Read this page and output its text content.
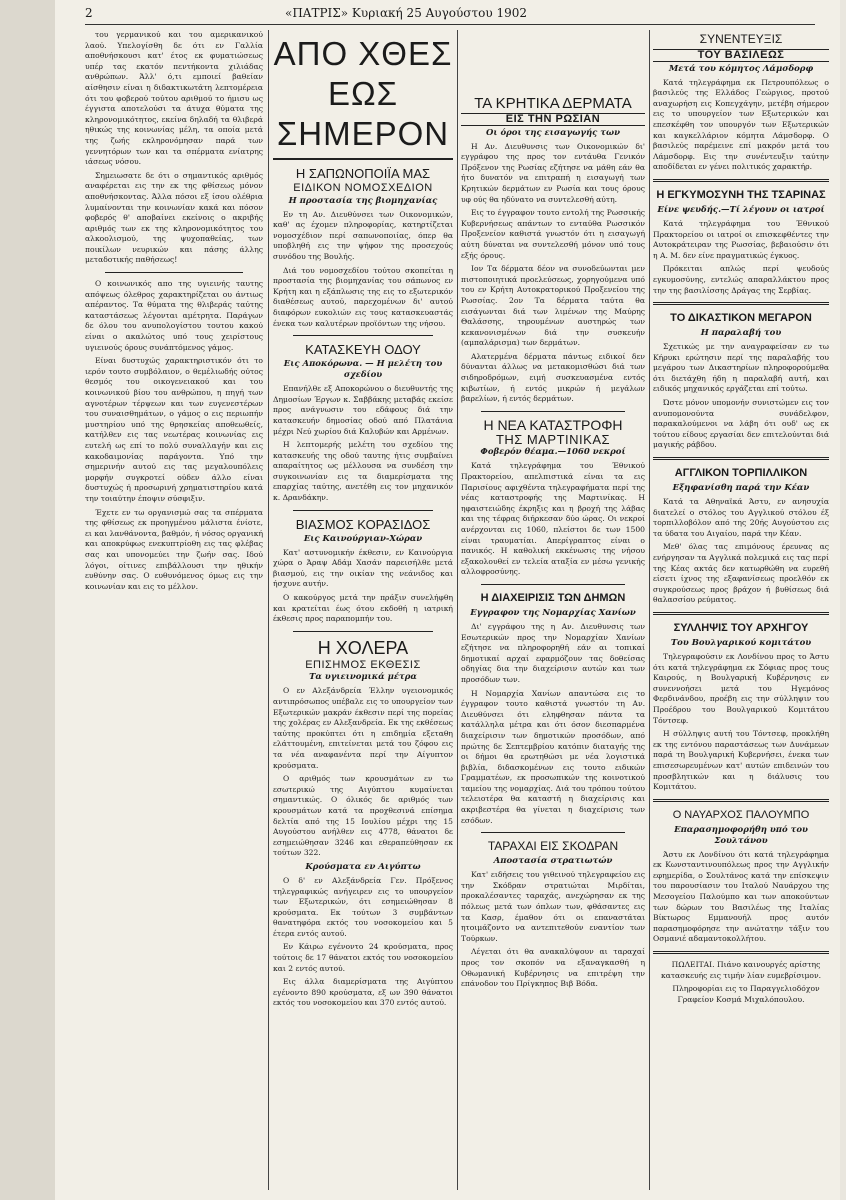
2	«ΠΑΤΡΙΣ» Κυριακή 25 Αυγούστου 1902

του γερμανικού και του αμερικανικού λαού. Υπελογίσθη δε ότι εν Γαλλία αποθνήσκουσι κατ' έτος εκ φυματιώσεως υπέρ τας εκατόν πεντήκοντα χιλιάδας ανθρώπων. Άλλ' ό,τι εμποιεί βαθείαν αίσθησιν είναι η διδακτικωτάτη λεπτομέρεια ότι του φοβερού τούτου αριθμού το ήμισυ ως έγγιστα αποτελούσι τα άτυχα θύματα της κληρονομικότητος, εκείνα δηλαδή τα θλιβερά ηθικώς της κοινωνίας μέλη, τα οποία μετά της ζωής εκληρονόμησαν παρά των γεννητόρων των και τα σπέρματα ενίατρης ιάσεως νόσου.

Σημειωσατε δε ότι ο σημαντικός αριθμός αναφέρεται εις την εκ της φθίσεως μόνον αποθνήσκοντας. Άλλα πόσοι εξ ίσου ολέθρια λυμαίνονται την κοινωνίαν κακά και πόσον φοβερός θ' αποβαίνει εκείνοις ο ακριβής αριθμός των εκ της κληρονομικότητος του αλκοολισμού, της ψυχοπαθείας, των ποικίλων νευρικών και πάσης άλλης μεταδοτικής παθήσεως!

Ο κοινωνικός απο της υγιεινής ταυτης απόψεως όλεθρος χαρακτηρίζεται ου άντιως απέραντος. Τα θύματα της θλιβεράς ταύτης καταστάσεως λέγονται αμέτρητα. Παράγων δε όλου του ανυπολογίστου τουτου κακού είναι ο ακαλώτος υπό τους χειρίστους υγιεινούς όρους συνάπτόμενος γάμος.

Είναι δυστυχώς χαρακτηριστικόν ότι το ιερόν τουτο συμβόλαιον, ο θεμέλιωδής ούτος θεσμός του οικογενειακού και του κοινωνικού βίου του ανθρώπου, η πηγή των αγνοτέρων τέρψεων και των ευγενεστέρων του συναισθημάτων, ο γάμος ο εις περιωπήν μυστηρίου υπό της θρησκείας αποθεωθείς, κατήλθεν εις τας νεωτέρας κοινωνίας εις ευτελή ως επί το πολύ συναλλαγήν και εις κακοδαιμονίας παράγοντα. Υπό την σημερινήν αυτού εις τας μεγαλουπόλεις μορφήν συγκροτεί ούδεν άλλο είναι δυστυχώς ή προσωρινή χρηματιστηρίου κατά την τοιαύτην έποψιν σύσφιξιν.

Έχετε εν τω οργανισμώ σας τα σπέρματα της φθίσεως εκ προηγμένου μάλιστα ένίοτε, ει και λανθάνοντα, βαθμόν, ή νόσος οργανική και αποκρύφως ενεκυπτρίοθη εις τας φλέβας σας και υπονομεύει την ζωήν σας. Ιδού λόγοι, οίτινες επιβάλλουσι την ηθικήν ευθύνην σας. Ο ευθυνόμενος όμως εις την κοινωνίαν και εις το μέλλον.

ΑΠΟ ΧΘΕΣ ΕΩΣ ΣΗΜΕΡΟΝ
Η ΣΑΠΩΝΟΠΟΙΪΑ ΜΑΣ
ΕΙΔΙΚΟΝ ΝΟΜΟΣΧΕΔΙΟΝ
Η προστασία της βιομηχανίας

Εν τη Αν. Διευθύνσει των Οικονομικών, καθ' ας έχομεν πληροφορίας, κατηρτίζεται νομοσχέδιον περί σαπωνοποιίας, όπερ θα υποβληθή εις την ψήφον της προσεχούς συνόδου της Βουλής.

Διά του νομοσχεδίου τούτου σκοπείται η προστασία της βιομηχανίας του σάπωνος εν Κρήτη και η εξάπλωσις της εις το εξωτερικόν διαθέσεως αυτού, παρεχομένων δι' αυτού διαφόρων ευκολιών εις τους κατασκευαστάς ένεκα των καλυτέρων προϊόντων της νήσου.

ΚΑΤΑΣΚΕΥΗ ΟΔΟΥ
Εις Αποκόρωνα. — Η μελέτη του σχεδίου

Επανήλθε εξ Αποκορώνου ο διευθυντής της Δημοσίων Έργων κ. Σαββάκης μεταβάς εκείσε προς ανάγνωσιν του εδάφους διά την κατασκευήν δημοσίας οδού από Πλατάνια μέχρι Νεύ χωρίου διά Καλυβών και Αρμένων.

Η λεπτομερής μελέτη του σχεδίου της κατασκευής της οδού ταυτης ήτις συμβαίνει απαραίτητος ως μέλλουσα να συνδέση την συγκοινωνίαν εις τα διαμερίσματα της επαρχίας ταύτης, ανετέθη εις τον μηχανικόν κ. Δρανδάκην.

ΒΙΑΣΜΟΣ ΚΟΡΑΣΙΔΟΣ
Εις Καινούργιαν-Χώραν

Κατ' αστυνομικήν έκθεσιν, εν Καινούργια χώρα ο Άραψ Αδάμ Χασάν παρεισήλθε μετά βιασμού, εις την οικίαν της νεάνιδος και ήσχυνε αυτήν.

Ο κακούργος μετά την πράξιν συνελήφθη και κρατείται έως ότου εκδοθή η ιατρική έκθεσις προς παραπομπήν του.

Η ΧΟΛΕΡΑ
ΕΠΙΣΗΜΟΣ ΕΚΘΕΣΙΣ
Τα υγιεινομικά μέτρα

Ο εν Αλεξάνδρεία Έλλην υγειονομικός αντιπρόσωπος υπέβαλε εις το υπουργείον των Εξωτερικών μακράν έκθεσιν περί της πορείας της χολέρας εν Αλεξανδρεία. Εκ της εκθέσεως ταύτης προκύπτει ότι η επιδημία εξεταθη ελάττουμένη, επιτείνεται μετά του ζόφου εις τα νέα αναφανέντα περί την Αίγυπτον κρούσματα.

Ο αριθμός των κρουσμάτων εν τω εσωτερικώ της Αιγύπτου κυμαίνεται σημαντικώς. Ο όλικός δε αριθμός των κρουσμάτων κατά τα προχθεσινά επίσημα δελτία από της 15 Ιουλίου μέχρι της 15 Αυγούστου ανήλθεν εις 4778, θάνατοι δε εσημειώθησαν 3246 και εθεραπεύθησαν εκ τούτων 322.

Κρούσματα εν Αιγύπτω

Ο δ' εν Αλεξάνδρεία Γεν. Πρόξενος τηλεγραφικώς ανήγειρεν εις το υπουργείον των Εξωτερικών, ότι εσημειώθησαν 8 κρούσματα. Εκ τούτων 3 συμβάντων θανατηφόρα εκτός του νοσοκομείου και 5 έτερα εντός αυτού.

Εν Κάιρω εγένοντο 24 κρούσματα, προς τούτοις δε 17 θάνατοι εκτός του νοσοκομείου και 2 εντός αυτού.

Εις άλλα διαμερίσματα της Αιγύπτου εγένοντο 890 κρούσματα, εξ ων 390 θάνατοι εκτός του νοσοκομείου και 370 εντός αυτού.

ΤΑ ΚΡΗΤΙΚΑ ΔΕΡΜΑΤΑ
ΕΙΣ ΤΗΝ ΡΩΣΙΑΝ
Οι όροι της εισαγωγής των

Η Αν. Διευθυνσις των Οικονομικών δι' εγγράφου της προς τον εντάυθα Γενικόν Πρόξενον της Ρωσίας εζήτησε να μάθη εάν θα ήτο δυνατόν να επιτραπή η εισαγωγή των Κρητικών δερμάτων εν Ρωσία και τους όρους υφ ούς θα ηδύνατο να συντελεσθή αύτη.

Εις το έγγραφον τουτο εντολή της Ρωσσικής Κυβερνήσεως απάντων το ενταύθα Ρωσσικόν Προξενείον καθιστά γνωστόν ότι η εισαγωγή αύτη δύναται να συντελεσθή μόνον υπό τους εξής όρους.

Ιον Τα δέρματα δέον να συνοδεύωνται μεν πιστοποιητικά προελεύσεως, χορηγούμενα υπό του εν Κρήτη Αυτοκρατορικού Προξενείου της Ρωσσίας. 2ον Τα δέρματα ταύτα θα εισάγωνται διά των λιμένων της Μαύρης Θαλάσσης, τηρουμένων αυστηρώς των κεκανονισμένων διά την συσκευήν (αμπαλάρισμα) των δερμάτων.

Αλατερμένα δέρματα πάντως ειδικοί δεν δύνανται άλλως να μετακομισθώσι διά των σιδηροδρόμων, ειμή συσκευασμένα εντός κιβωτίων, ή εντός μικρών ή μεγάλων βαρελίων, ή εντός δερμάτων.

Η ΝΕΑ ΚΑΤΑΣΤΡΟΦΗ
ΤΗΣ ΜΑΡΤΙΝΙΚΑΣ
Φοβερόν θέαμα.—1060 νεκροί

Κατά τηλεγράφημα του Έθνικού Πρακτορείου, απελπιστικά είναι τα εις Παρισίους αφιχθέντα τηλεγραφήματα περί της νέας καταστροφής της Μαρτινίκας. Η ηφαιστειώδης έκρηξις και η βροχή της λάβας και της τέφρας διήρκεσαν δύο ώρας. Οι νεκροί ανέρχονται εις 1060, πλείστοι δε των 1500 είναι τραυματίαι. Απερίγραπτος είναι ο πανικός. Η καθολική εκκένωσις της νήσου εξακολουθεί εν τελεία αταξία εν μέσω γενικής αλλοφροσύνης.

Η ΔΙΑΧΕΙΡΙΣΙΣ ΤΩΝ ΔΗΜΩΝ
Εγγραφον της Νομαρχίας Χανίων

Δι' εγγράφου της η Αν. Διευθυνσις των Εσωτερικών προς την Νομαρχίαν Χανίων εζήτησε να πληροφορηθή εάν αι τοπικαί δημοτικαί αρχαί εφαρμόζουν τας δοθείσας οδηγίας δια την διαχείρισιν αυτών και των προσόδων των.

Η Νομαρχία Χανίων απαντώσα εις το έγγραφον τουτο καθιστά γνωστόν τη Αν. Διευθύνσει ότι εληφθησαν πάντα τα κατάλληλα μέτρα και ότι όσον διεσπαρμένα διαχείρισιν των δημοτικών προσόδων, από πρώτης δε Σεπτεμβρίου κατόπιν διαταγής της οι δήμοι θα ερωτηθώσι με νέα λογιστικά βιβλία, διδασκομένων εις τουτο ειδικών Γραμματέων, εκ προσωπικών της κοινοτικού ταμείου της νομαρχίας. Διά του τρόπου τούτου τελειοτέρα θα καταστή η διαχείρισις και ακριβεστέρα θα γίνεται η διαχείρισις των εσόδων.

ΤΑΡΑΧΑΙ ΕΙΣ ΣΚΟΔΡΑΝ
Αποστασία στρατιωτών

Κατ' ειδήσεις του γιθεινού τηλεγραφείου εις την Σκόδραν στρατιώται Μιρδίται, προκαλέσαντες ταραχάς, ανεχώρησαν εκ της πόλεως μετά των όπλων των, φθάσαντες εις τα Κασρ, έμαθον ότι οι επαναστάται ητοιμάζοντο να αντεπιτεθούν εναντίον των Τούρκων.

Λέγεται ότι θα ανακαλύψουν αι ταραχαί προς τον σκοπόν να εξαναγκασθή η Οθωμανική Κυβέρνησις να επιτρέψη την επάνοδον του Πρίγκηπος Βιβ Βόδα.

ΣΥΝΕΝΤΕΥΞΙΣ
ΤΟΥ ΒΑΣΙΛΕΩΣ
Μετά του κόμητος Λάμσδορφ

Κατά τηλεγράφημα εκ Πετρουπόλεως ο βασιλεύς της Ελλάδος Γεώργιος, προτού αναχωρήση εις Κοπεγχάγην, μετέβη σήμερον εις το υπουργείον των Εξωτερικών και επεσκέφθη τον υπουργόν των Εξωτερικών και καγκελλάριον κόμητα Λάμσδορφ. Ο βασιλεύς παρέμεινε επί μακρόν μετά του Λάμσδορφ. Εις την συνέντευξιν ταύτην αποδίδεται εν γένει πολιτικός χαρακτήρ.

Η ΕΓΚΥΜΟΣΥΝΗ ΤΗΣ ΤΣΑΡΙΝΑΣ
Είνε ψευδής.—Τί λέγουν οι ιατροί

Κατά τηλεγράφημα του Έθνικού Πρακτορείου οι ιατροί οι επισκεφθέντες την Αυτοκράτειραν της Ρωσσίας, βεβαιούσιν ότι η Α. Μ. δεν είνε πραγματικώς έγκυος.

Πρόκειται απλώς περί ψευδούς εγκυμοσύνης, εντελώς απαραλλάκτου προς την της βασιλίσσης Δράγας της Σερβίας.

ΤΟ ΔΙΚΑΣΤΙΚΟΝ ΜΕΓΑΡΟΝ
Η παραλαβή του

Σχετικώς με την αναγραφείσαν εν τω Κήρυκι ερώτησιν περί της παραλαβής του μεγάρου των Δικαστηρίων πληροφορούμεθα ότι διετάχθη ήδη η παραλαβή αυτή, και ειδικός μηχανικός εργάζεται επί τούτω.

Ώστε μόνον υπομονήν συνιστώμεν εις τον ανυπομονούντα συνάδελφον, παρακαλούμενοι να λάβη ότι ουδ' ως εκ τούτου είδους εργασίαι δεν επιτελούνται διά μαγικής ράβδου.

ΑΓΓΛΙΚΟΝ ΤΟΡΠΙΛΛΙΚΟΝ
Εξηφανίσθη παρά την Κέαν

Κατά τα Αθηναϊκά Άστυ, εν ανησυχία διατελεί ο στόλος του Αγγλικού στόλου έξ τορπιλλοβόλον από της 20ής Αυγούστου εις τα ύδατα του Αιγαίου, παρά την Κέαν.

Μεθ' όλας τας επιμόνους έρευνας ας ενήργησαν τα Αγγλικά πολεμικά εις τας περί της Κέας ακτάς δεν κατωρθώθη να ευρεθή είσετι ίχνος της εξαφανίσεως προελθόν εκ συγκρούσεως προς βράχον ή βυθίσεως διά θαλασσίου ρεύματος.

ΣΥΛΛΗΨΙΣ ΤΟΥ ΑΡΧΗΓΟΥ
Του Βουλγαρικού κομιτάτου

Τηλεγραφούσιν εκ Λονδίνου προς το Άστυ ότι κατά τηλεγράφημα εκ Σόφιας προς τους Καιρούς, η Βουλγαρική Κυβέρνησις εν συνεννοήσει μετά του Ηγεμόνος Φερδινάνδου, προέβη εις την σύλληψιν του Προέδρου του Βουλγαρικού Κομιτάτου Τόντσεφ.

Η σύλληψις αυτή του Τόντσεφ, προκλήθη εκ της εντόνου παραστάσεως των Δυνάμεων παρά τη Βουλγαρική Κυβερνήσει, ένεκα των επισεσωρευμένων κατ' αυτών επιδεινών του προσβλητικών και η διάλυσις του Κομιτάτου.

Ο ΝΑΥΑΡΧΟΣ ΠΑΛΟΥΜΠΟ
Επαρασημοφορήθη υπό του Σουλτάνου

Άστυ εκ Λονδίνου ότι κατά τηλεγράφημα εκ Κωνσταντινουπόλεως προς την Αγγλικήν εφημερίδα, ο Σουλτάνος κατά την επίσκεψιν του παρουσίασιν του Ιταλού Ναυάρχου της Μεσογείου Παλούμπο και των αποκούντων των δώρων του Βασιλέως της Ιταλίας Βίκτωρος Εμμανουήλ προς αυτόν παρασημοφόρησε την ανώτατην τάξιν του Οσμανιέ αδαμαντοκολλήτου.

ΠΩΛΕΙΤΑΙ. Πιάνο καινουργές αρίστης κατασκευής εις τιμήν λίαν ευμεβρίσιμον.

Πληροφορίαι εις το Παραγγελιοδόχον Γραφείον Κοσμά Μιχαλόπουλου.
